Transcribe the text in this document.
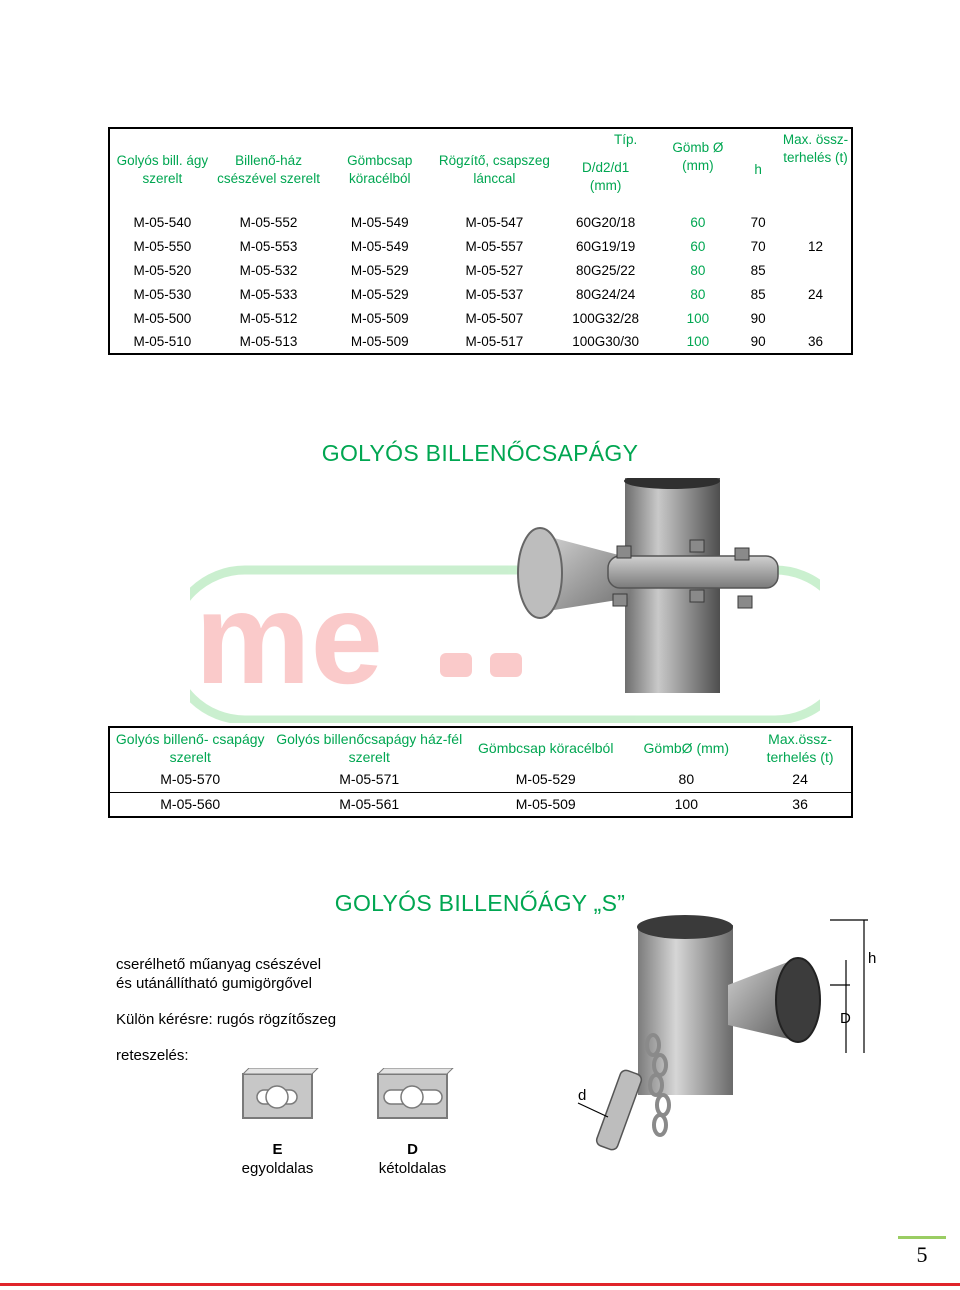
Golyós bill. ágy szerelt	Billenő-ház csészével szerelt	Gömbcsap köracélból	Rögzítő, csapszeg lánccal	Típ.
D/d2/d1 (mm)	Gömb Ø (mm)	h	Max. össz- terhelés (t)
M-05-540	M-05-552	M-05-549	M-05-547	60G20/18	60	70	
M-05-550	M-05-553	M-05-549	M-05-557	60G19/19	60	70	12
M-05-520	M-05-532	M-05-529	M-05-527	80G25/22	80	85	
M-05-530	M-05-533	M-05-529	M-05-537	80G24/24	80	85	24
M-05-500	M-05-512	M-05-509	M-05-507	100G32/28	100	90	
M-05-510	M-05-513	M-05-509	M-05-517	100G30/30	100	90	36
GOLYÓS BILLENŐCSAPÁGY
me
Golyós billenő- csapágy szerelt	Golyós billenőcsapágy ház-fél szerelt	Gömbcsap köracélból	GömbØ (mm)	Max.össz- terhelés (t)
M-05-570	M-05-571	M-05-529	80	24
M-05-560	M-05-561	M-05-509	100	36
GOLYÓS BILLENŐÁGY „S”
cserélhető műanyag csészével
és utánállítható gumigörgővel
Külön kérésre: rugós rögzítőszeg
reteszelés:
E
egyoldalas
D
kétoldalas
h
D
d
5
